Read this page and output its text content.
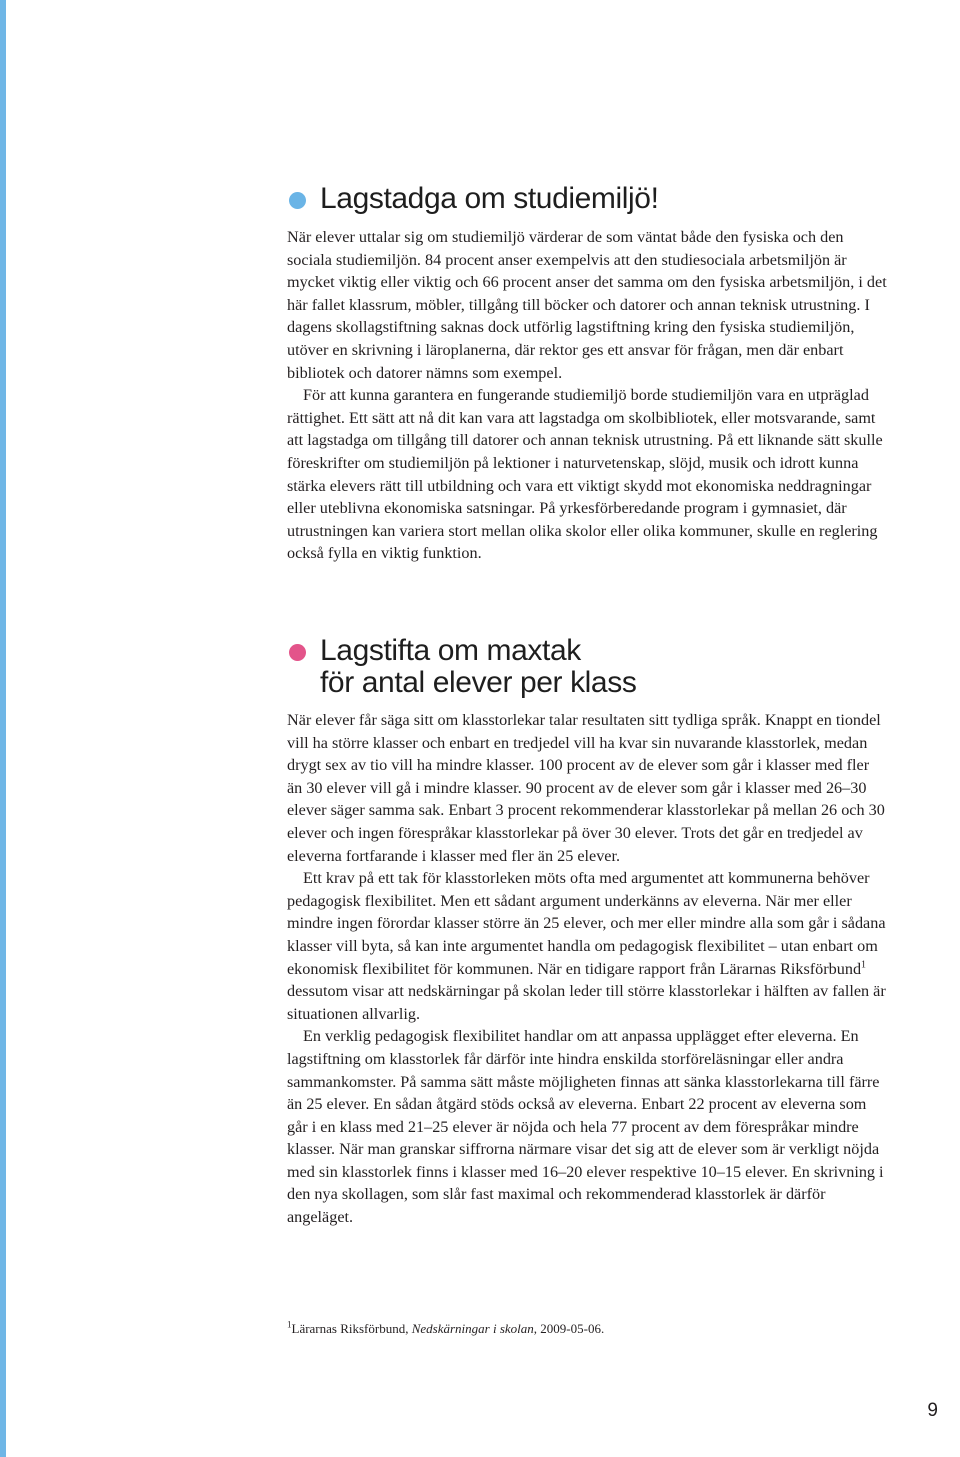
Lagstadga om studiemiljö!

När elever uttalar sig om studiemiljö värderar de som väntat både den fysiska och den sociala studiemiljön. 84 procent anser exempelvis att den studiesociala arbetsmiljön är mycket viktig eller viktig och 66 procent anser det samma om den fysiska arbetsmiljön, i det här fallet klassrum, möbler, tillgång till böcker och datorer och annan teknisk utrustning. I dagens skollagstiftning saknas dock utförlig lagstiftning kring den fysiska studiemiljön, utöver en skrivning i läroplanerna, där rektor ges ett ansvar för frågan, men där enbart bibliotek och datorer nämns som exempel.

För att kunna garantera en fungerande studiemiljö borde studiemiljön vara en utpräglad rättighet. Ett sätt att nå dit kan vara att lagstadga om skolbibliotek, eller motsvarande, samt att lagstadga om tillgång till datorer och annan teknisk utrustning. På ett liknande sätt skulle föreskrifter om studiemiljön på lektioner i naturvetenskap, slöjd, musik och idrott kunna stärka elevers rätt till utbildning och vara ett viktigt skydd mot ekonomiska neddragningar eller uteblivna ekonomiska satsningar. På yrkesförberedande program i gymnasiet, där utrustningen kan variera stort mellan olika skolor eller olika kommuner, skulle en reglering också fylla en viktig funktion.

Lagstifta om maxtak
för antal elever per klass

När elever får säga sitt om klasstorlekar talar resultaten sitt tydliga språk. Knappt en tiondel vill ha större klasser och enbart en tredjedel vill ha kvar sin nuvarande klasstorlek, medan drygt sex av tio vill ha mindre klasser. 100 procent av de elever som går i klasser med fler än 30 elever vill gå i mindre klasser. 90 procent av de elever som går i klasser med 26–30 elever säger samma sak. Enbart 3 procent rekommenderar klasstorlekar på mellan 26 och 30 elever och ingen förespråkar klasstorlekar på över 30 elever. Trots det går en tredjedel av eleverna fortfarande i klasser med fler än 25 elever.

Ett krav på ett tak för klasstorleken möts ofta med argumentet att kommunerna behöver pedagogisk flexibilitet. Men ett sådant argument underkänns av eleverna. När mer eller mindre ingen förordar klasser större än 25 elever, och mer eller mindre alla som går i sådana klasser vill byta, så kan inte argumentet handla om pedagogisk flexibilitet – utan enbart om ekonomisk flexibilitet för kommunen. När en tidigare rapport från Lärarnas Riksförbund$^1$ dessutom visar att nedskärningar på skolan leder till större klasstorlekar i hälften av fallen är situationen allvarlig.

En verklig pedagogisk flexibilitet handlar om att anpassa upplägget efter eleverna. En lagstiftning om klasstorlek får därför inte hindra enskilda storföreläsningar eller andra sammankomster. På samma sätt måste möjligheten finnas att sänka klasstorlekarna till färre än 25 elever. En sådan åtgärd stöds också av eleverna. Enbart 22 procent av eleverna som går i en klass med 21–25 elever är nöjda och hela 77 procent av dem förespråkar mindre klasser. När man granskar siffrorna närmare visar det sig att de elever som är verkligt nöjda med sin klasstorlek finns i klasser med 16–20 elever respektive 10–15 elever. En skrivning i den nya skollagen, som slår fast maximal och rekommenderad klasstorlek är därför angeläget.

$^1$Lärarnas Riksförbund, Nedskärningar i skolan, 2009-05-06.

9
